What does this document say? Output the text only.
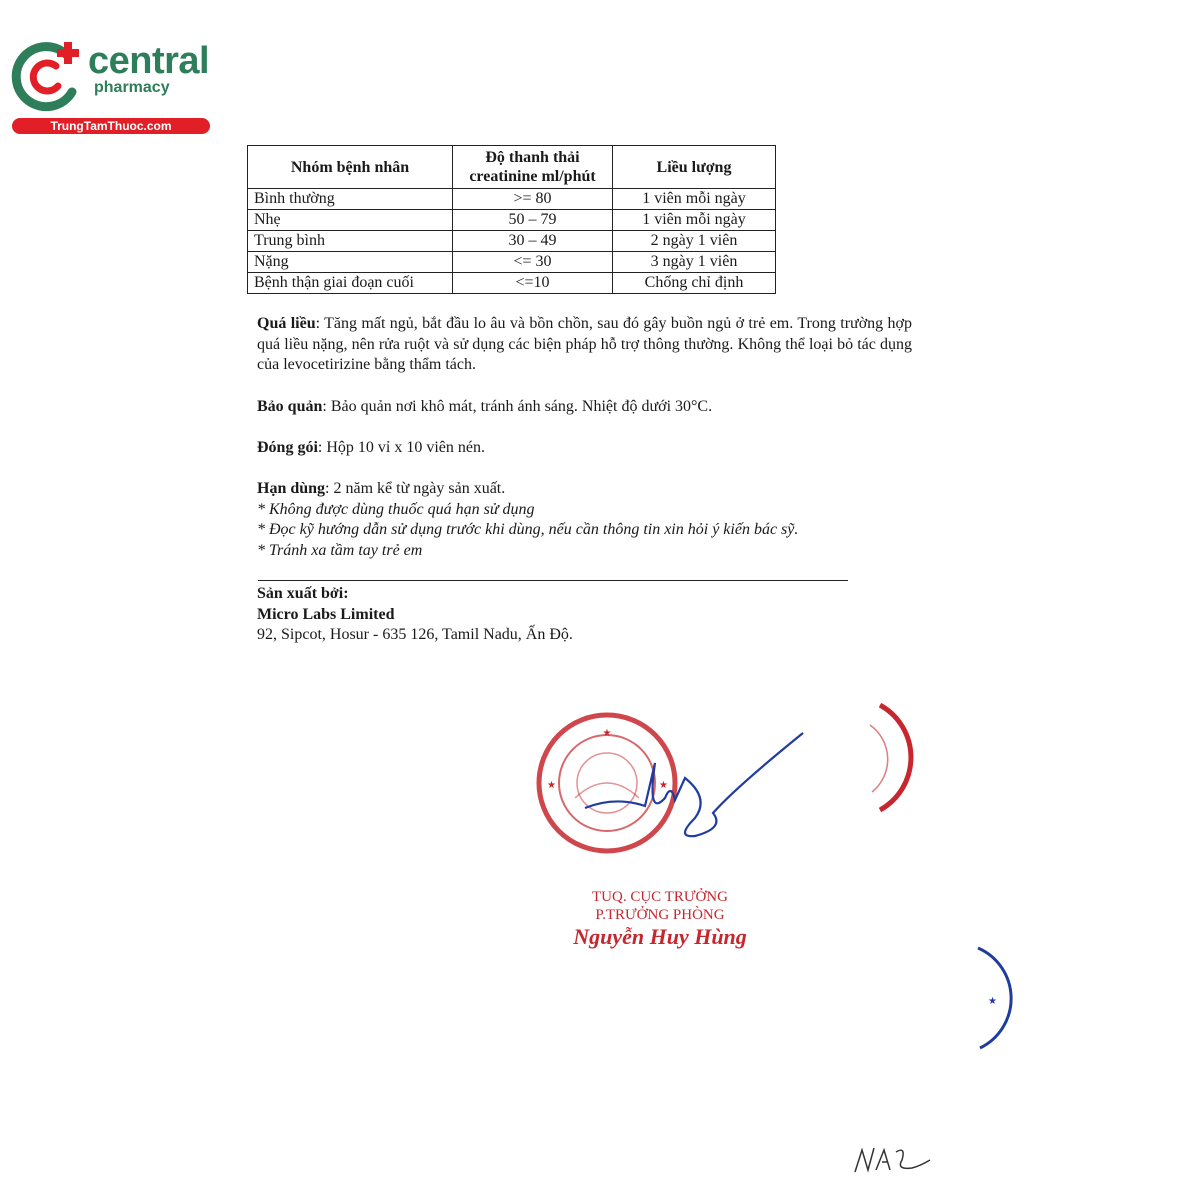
central
pharmacy
TrungTamThuoc.com
Nhóm bệnh nhân	Độ thanh thải creatinine ml/phút	Liều lượng
Bình thường	>= 80	1 viên mỗi ngày
Nhẹ	50 – 79	1 viên mỗi ngày
Trung bình	30 – 49	2 ngày 1 viên
Nặng	<= 30	3 ngày 1 viên
Bệnh thận giai đoạn cuối	<=10	Chống chỉ định
Quá liều: Tăng mất ngủ, bắt đầu lo âu và bồn chồn, sau đó gây buồn ngủ ở trẻ em. Trong trường hợp quá liều nặng, nên rửa ruột và sử dụng các biện pháp hỗ trợ thông thường. Không thể loại bỏ tác dụng của levocetirizine bằng thẩm tách.
Bảo quản: Bảo quản nơi khô mát, tránh ánh sáng. Nhiệt độ dưới 30°C.
Đóng gói: Hộp 10 vỉ x 10 viên nén.
Hạn dùng: 2 năm kể từ ngày sản xuất.
* Không được dùng thuốc quá hạn sử dụng
* Đọc kỹ hướng dẫn sử dụng trước khi dùng, nếu cần thông tin xin hỏi ý kiến bác sỹ.
* Tránh xa tầm tay trẻ em
Sản xuất bởi:
Micro Labs Limited
92, Sipcot, Hosur - 635 126, Tamil Nadu, Ấn Độ.
★
★	★
★
TUQ. CỤC TRƯỞNG
P.TRƯỞNG PHÒNG
Nguyễn Huy Hùng
